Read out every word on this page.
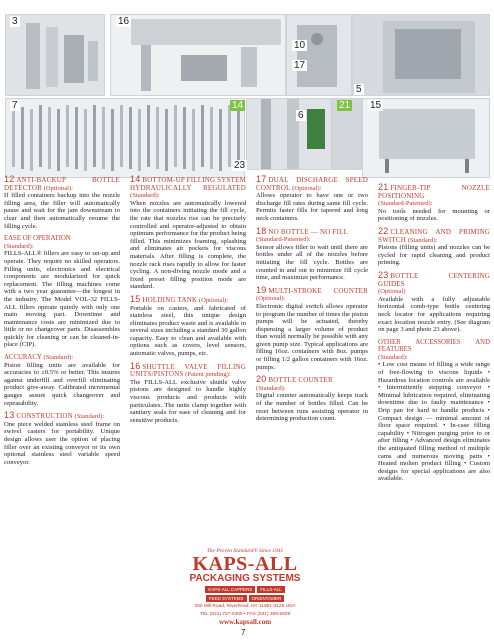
3	16
10
17
5
7	14
6
21 15
23

12 ANTI-BACKUP BOTTLE DETECTOR (Optional):
If filled containers backup into the nozzle filling area, the filler will automatically pause and wait for the jam downstream to clear and then automatically resume the filling cycle.

EASE OF OPERATION
(Standard):
FILLS-ALL® fillers are easy to set-up and operate. They require no skilled operators. Filling units, electronics and electrical components are modularized for quick replacement. The filling machines come with a two year guarantee—the longest in the industry. The Model VOL-32 FILLS-ALL fillers operate quietly with only one main moving part. Downtime and maintenance costs are minimized due to little or no changeover parts. Disassembles quickly for cleaning or can be cleaned-in-place (CIP).

ACCURACY (Standard):
Piston filling units are available for accuracies to ±0.5% or better. This insures against underfill and overfill eliminating product give-away. Calibrated incremental gauges assure quick changeover and repeatability.

13 CONSTRUCTION (Standard):
One piece welded stainless steel frame on swivel casters for portability. Unique design allows user the option of placing filler over an existing conveyor or its own optional stainless steel variable speed conveyor.

14 BOTTOM-UP FILLING SYSTEM HYDRAULICALLY REGULATED (Standard):
When nozzles are automatically lowered into the containers initiating the fill cycle, the rate that nozzles rise can be precisely controlled and operator-adjusted to obtain optimum performance for the product being filled. This minimizes foaming, splashing and eliminates air pockets for viscous materials. After filling is complete, the nozzle rack rises rapidly to allow for faster cycling. A non-diving nozzle mode and a fixed preset filling position mode are standard.

15 HOLDING TANK (Optional):
Portable on casters, and fabricated of stainless steel, this unique design eliminates product waste and is available in several sizes including a standard 30 gallon capacity. Easy to clean and available with options such as covers, level sensors, automatic valves, pumps, etc.

16 SHUTTLE VALVE FILLING UNITS/PISTONS (Patent pending):
The FILLS-ALL exclusive shuttle valve pistons are designed to handle highly viscous products and products with particulates. The units clamp together with sanitary seals for ease of cleaning and for sensitive products.

17 DUAL DISCHARGE SPEED CONTROL (Optional):
Allows operator to have one or two discharge fill rates during same fill cycle. Permits faster fills for tapered and long neck containers.

18 NO BOTTLE — NO FILL
(Standard-Patented):
Sensor allows filler to wait until there are bottles under all of the nozzles before initiating the fill cycle. Bottles are counted in and out to minimize fill cycle time, and maximize performance.

19 MULTI-STROKE COUNTER (Optional):
Electronic digital switch allows operator to program the number of times the piston pumps will be actuated, thereby dispensing a larger volume of product than would normally be possible with any given pump size. Typical applications are filling 16oz. containers with 8oz. pumps or filling 1/2 gallon containers with 16oz. pumps.

20 BOTTLE COUNTER
(Standard):
Digital counter automatically keeps track of the number of bottles filled. Can be reset between runs assisting operator in determining production count.

21 FINGER-TIP NOZZLE POSITIONING
(Standard-Patented):
No tools needed for mounting or positioning of nozzles.

22 CLEANING AND PRIMING SWITCH (Standard):
Pistons (filling units) and nozzles can be cycled for rapid cleaning and product priming.

23 BOTTLE CENTERING GUIDES
(Optional)
Available with a fully adjustable horizontal comb-type bottle centering neck locator for applications requiring exact location nozzle entry. (See diagram on page 3 and photo 23 above).

OTHER ACCESSORIES AND FEATURES
(Standard):
• Low cost means of filling a wide range of free-flowing to viscous liquids • Hazardous location controls are available • Intermittently stepping conveyor • Minimal lubrication required, eliminating downtime due to faulty maintenance • Drip pan for hard to handle products • Compact design — minimal amount of floor space required. • In-case filling capability • Nitrogen purging prior to or after filling • Advanced design eliminates the antiquated filling method of multiple cams and numerous moving parts • Heated molten product filling • Custom designs for special applications are also available.

The Proven Standard® Since 1941
KAPS-ALL
PACKAGING SYSTEMS
KAPS-ALL CAPPERS	FILLS-ALL
FEED SYSTEMS	ORIENTAMER
200 Mill Road, Riverhead, NY 11901-3125 USA
TEL (631) 727-0300 • FAX (631) 369-5939
www.kapsall.com
7
